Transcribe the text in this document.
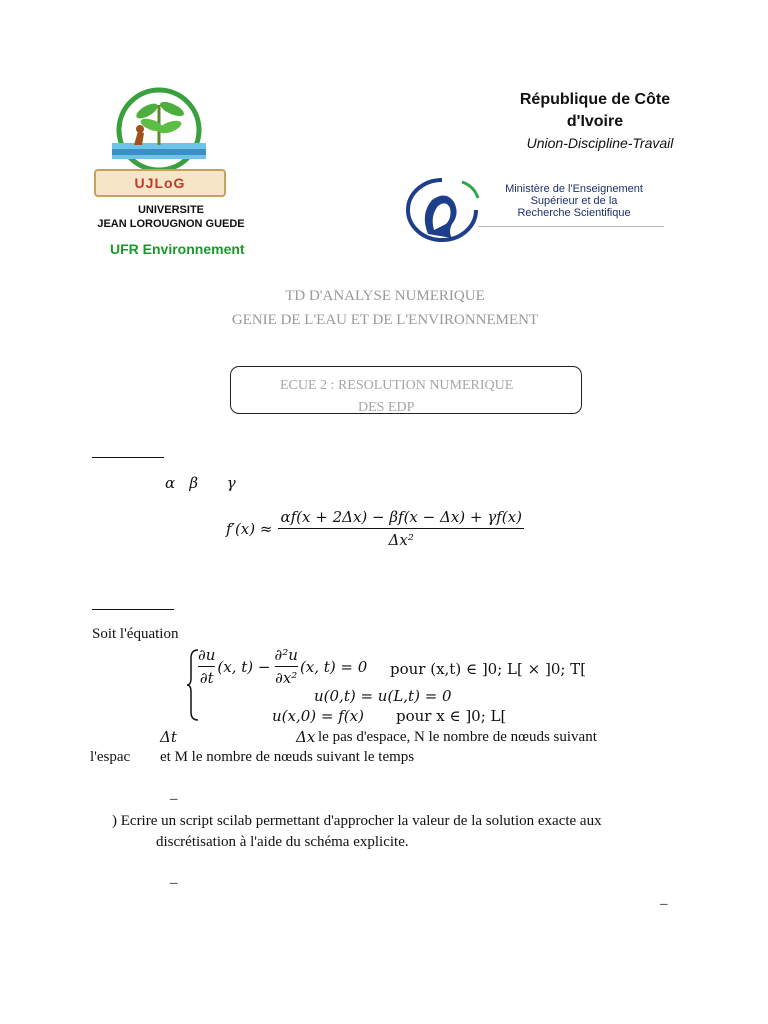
UJLoG
UNIVERSITE
JEAN LOROUGNON GUEDE
UFR Environnement
République de Côte
d'Ivoire
Union-Discipline-Travail
Ministère de l'Enseignement
Supérieur et de la
Recherche Scientifique
TD D'ANALYSE NUMERIQUE
GENIE DE L'EAU ET DE L'ENVIRONNEMENT
ECUE 2 : RESOLUTION NUMERIQUE
DES EDP
α   β      γ
$f'(x) \approx \frac{\alpha f(x + 2\Delta x) - \beta f(x - \Delta x) + \gamma f(x)}{\text{Δx²}}$
Soit l'équation
$\frac{\partial u}{\partial t} (x$, $t) - \frac{\text{∂²u}}{\text{∂x²}} (x$, t) = 0 pour (x,t) ∈ ]0; L[ × ]0; T[
u(0,t) = u(L,t) = 0
u(x,0) = f(x) pour x ∈ ]0; L[
Δt	Δx le pas d'espace, N le nombre de nœuds suivant
l'espac et M le nombre de nœuds suivant le temps
–
) Ecrire un script scilab permettant d'approcher la valeur de la solution exacte aux
discrétisation à l'aide du schéma explicite.
–
–
